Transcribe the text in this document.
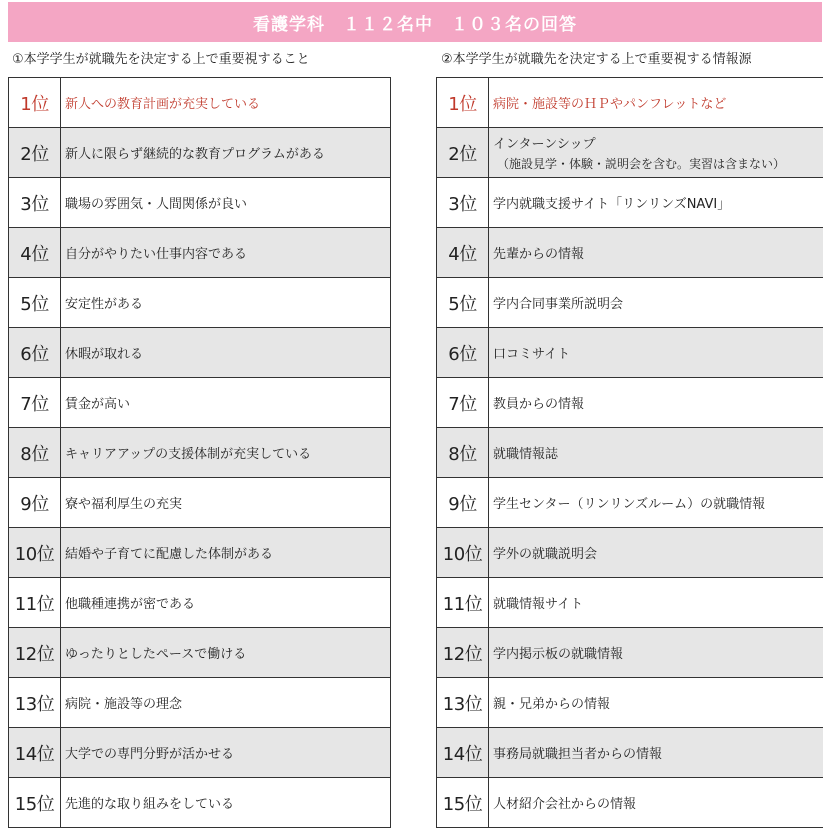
看護学科　１１２名中　１０３名の回答
①本学学生が就職先を決定する上で重要視すること	②本学学生が就職先を決定する上で重要視する情報源
1位	新人への教育計画が充実している
2位	新人に限らず継続的な教育プログラムがある
3位	職場の雰囲気・人間関係が良い
4位	自分がやりたい仕事内容である
5位	安定性がある
6位	休暇が取れる
7位	賃金が高い
8位	キャリアアップの支援体制が充実している
9位	寮や福利厚生の充実
10位 結婚や子育てに配慮した体制がある
11位 他職種連携が密である
12位 ゆったりとしたペースで働ける
13位 病院・施設等の理念
14位 大学での専門分野が活かせる
15位 先進的な取り組みをしている
1位	病院・施設等のＨＰやパンフレットなど
2位	インターンシップ
（施設見学・体験・説明会を含む。実習は含まない）
3位	学内就職支援サイト「リンリンズNAVI」
4位	先輩からの情報
5位	学内合同事業所説明会
6位	口コミサイト
7位	教員からの情報
8位	就職情報誌
9位	学生センター（リンリンズルーム）の就職情報
10位 学外の就職説明会
11位 就職情報サイト
12位 学内掲示板の就職情報
13位 親・兄弟からの情報
14位 事務局就職担当者からの情報
15位 人材紹介会社からの情報
